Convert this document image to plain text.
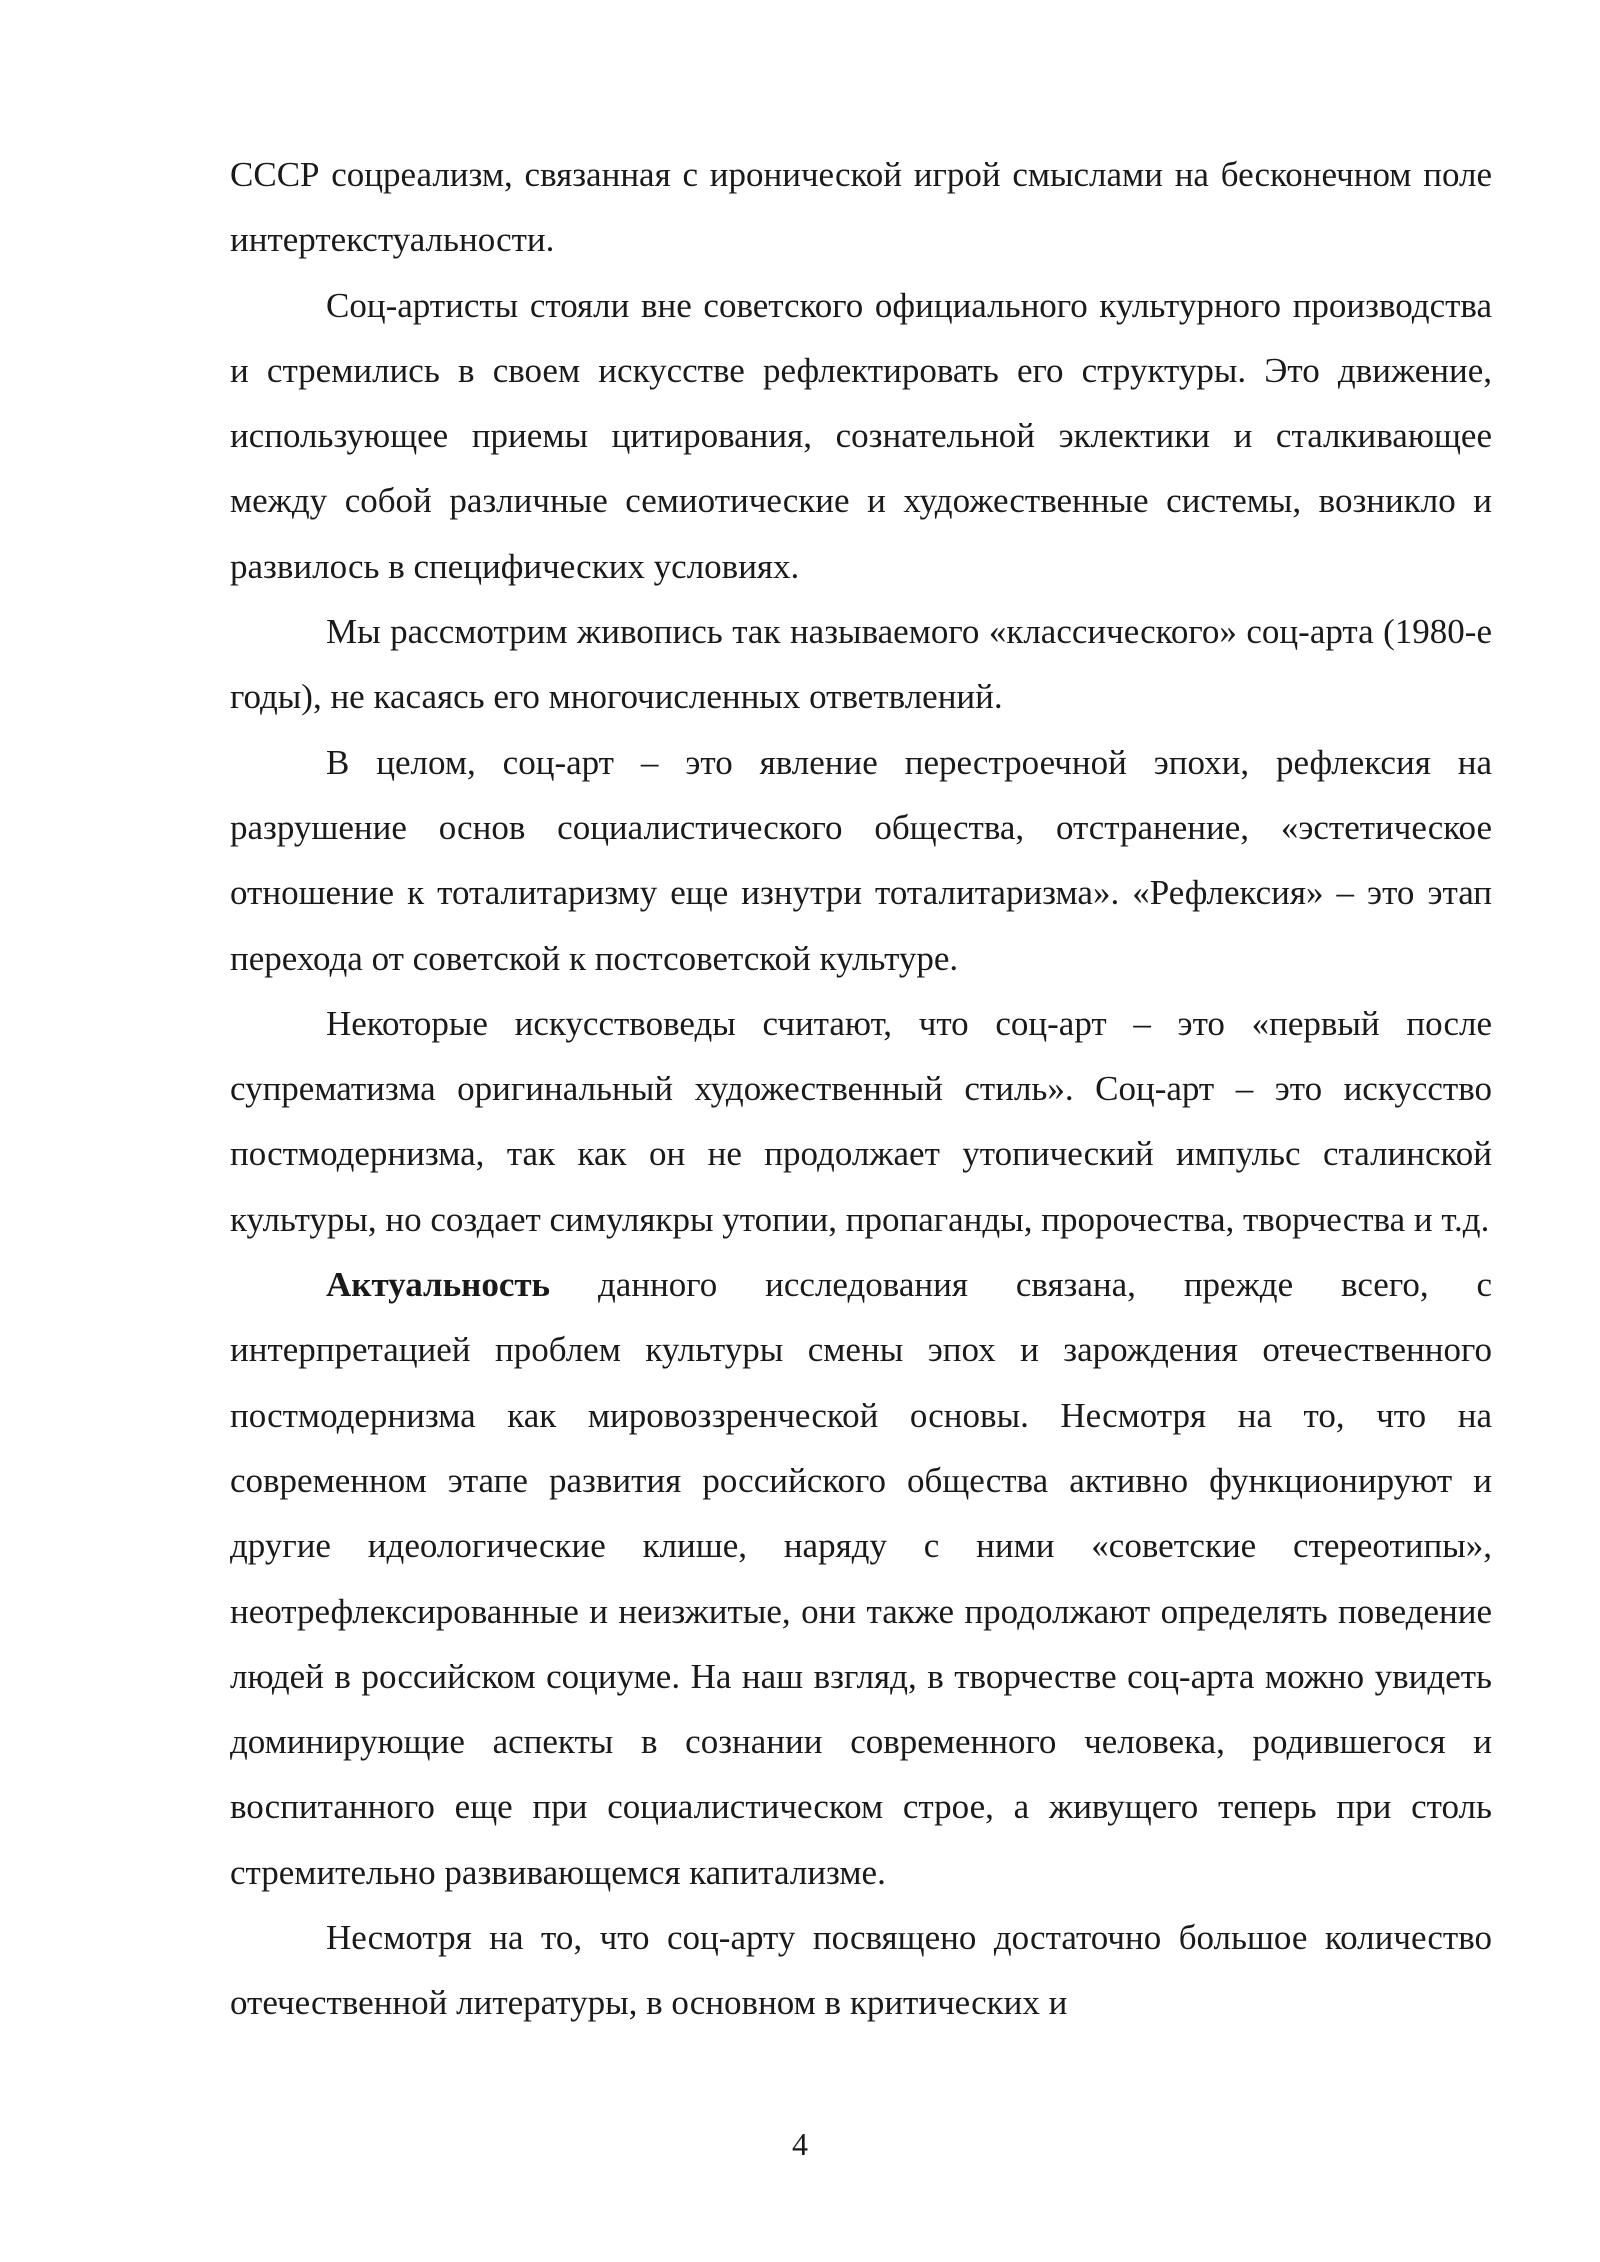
СССР соцреализм, связанная с иронической игрой смыслами на бесконечном поле интертекстуальности.

Соц-артисты стояли вне советского официального культурного производства и стремились в своем искусстве рефлектировать его структуры. Это движение, использующее приемы цитирования, сознательной эклектики и сталкивающее между собой различные семиотические и художественные системы, возникло и развилось в специфических условиях.

Мы рассмотрим живопись так называемого «классического» соц-арта (1980-е годы), не касаясь его многочисленных ответвлений.

В целом, соц-арт – это явление перестроечной эпохи, рефлексия на разрушение основ социалистического общества, отстранение, «эстетическое отношение к тоталитаризму еще изнутри тоталитаризма». «Рефлексия» – это этап перехода от советской к постсоветской культуре.

Некоторые искусствоведы считают, что соц-арт – это «первый после супрематизма оригинальный художественный стиль». Соц-арт – это искусство постмодернизма, так как он не продолжает утопический импульс сталинской культуры, но создает симулякры утопии, пропаганды, пророчества, творчества и т.д.

Актуальность данного исследования связана, прежде всего, с интерпретацией проблем культуры смены эпох и зарождения отечественного постмодернизма как мировоззренческой основы. Несмотря на то, что на современном этапе развития российского общества активно функционируют и другие идеологические клише, наряду с ними «советские стереотипы», неотрефлексированные и неизжитые, они также продолжают определять поведение людей в российском социуме. На наш взгляд, в творчестве соц-арта можно увидеть доминирующие аспекты в сознании современного человека, родившегося и воспитанного еще при социалистическом строе, а живущего теперь при столь стремительно развивающемся капитализме.

Несмотря на то, что соц-арту посвящено достаточно большое количество отечественной литературы, в основном в критических и

4
